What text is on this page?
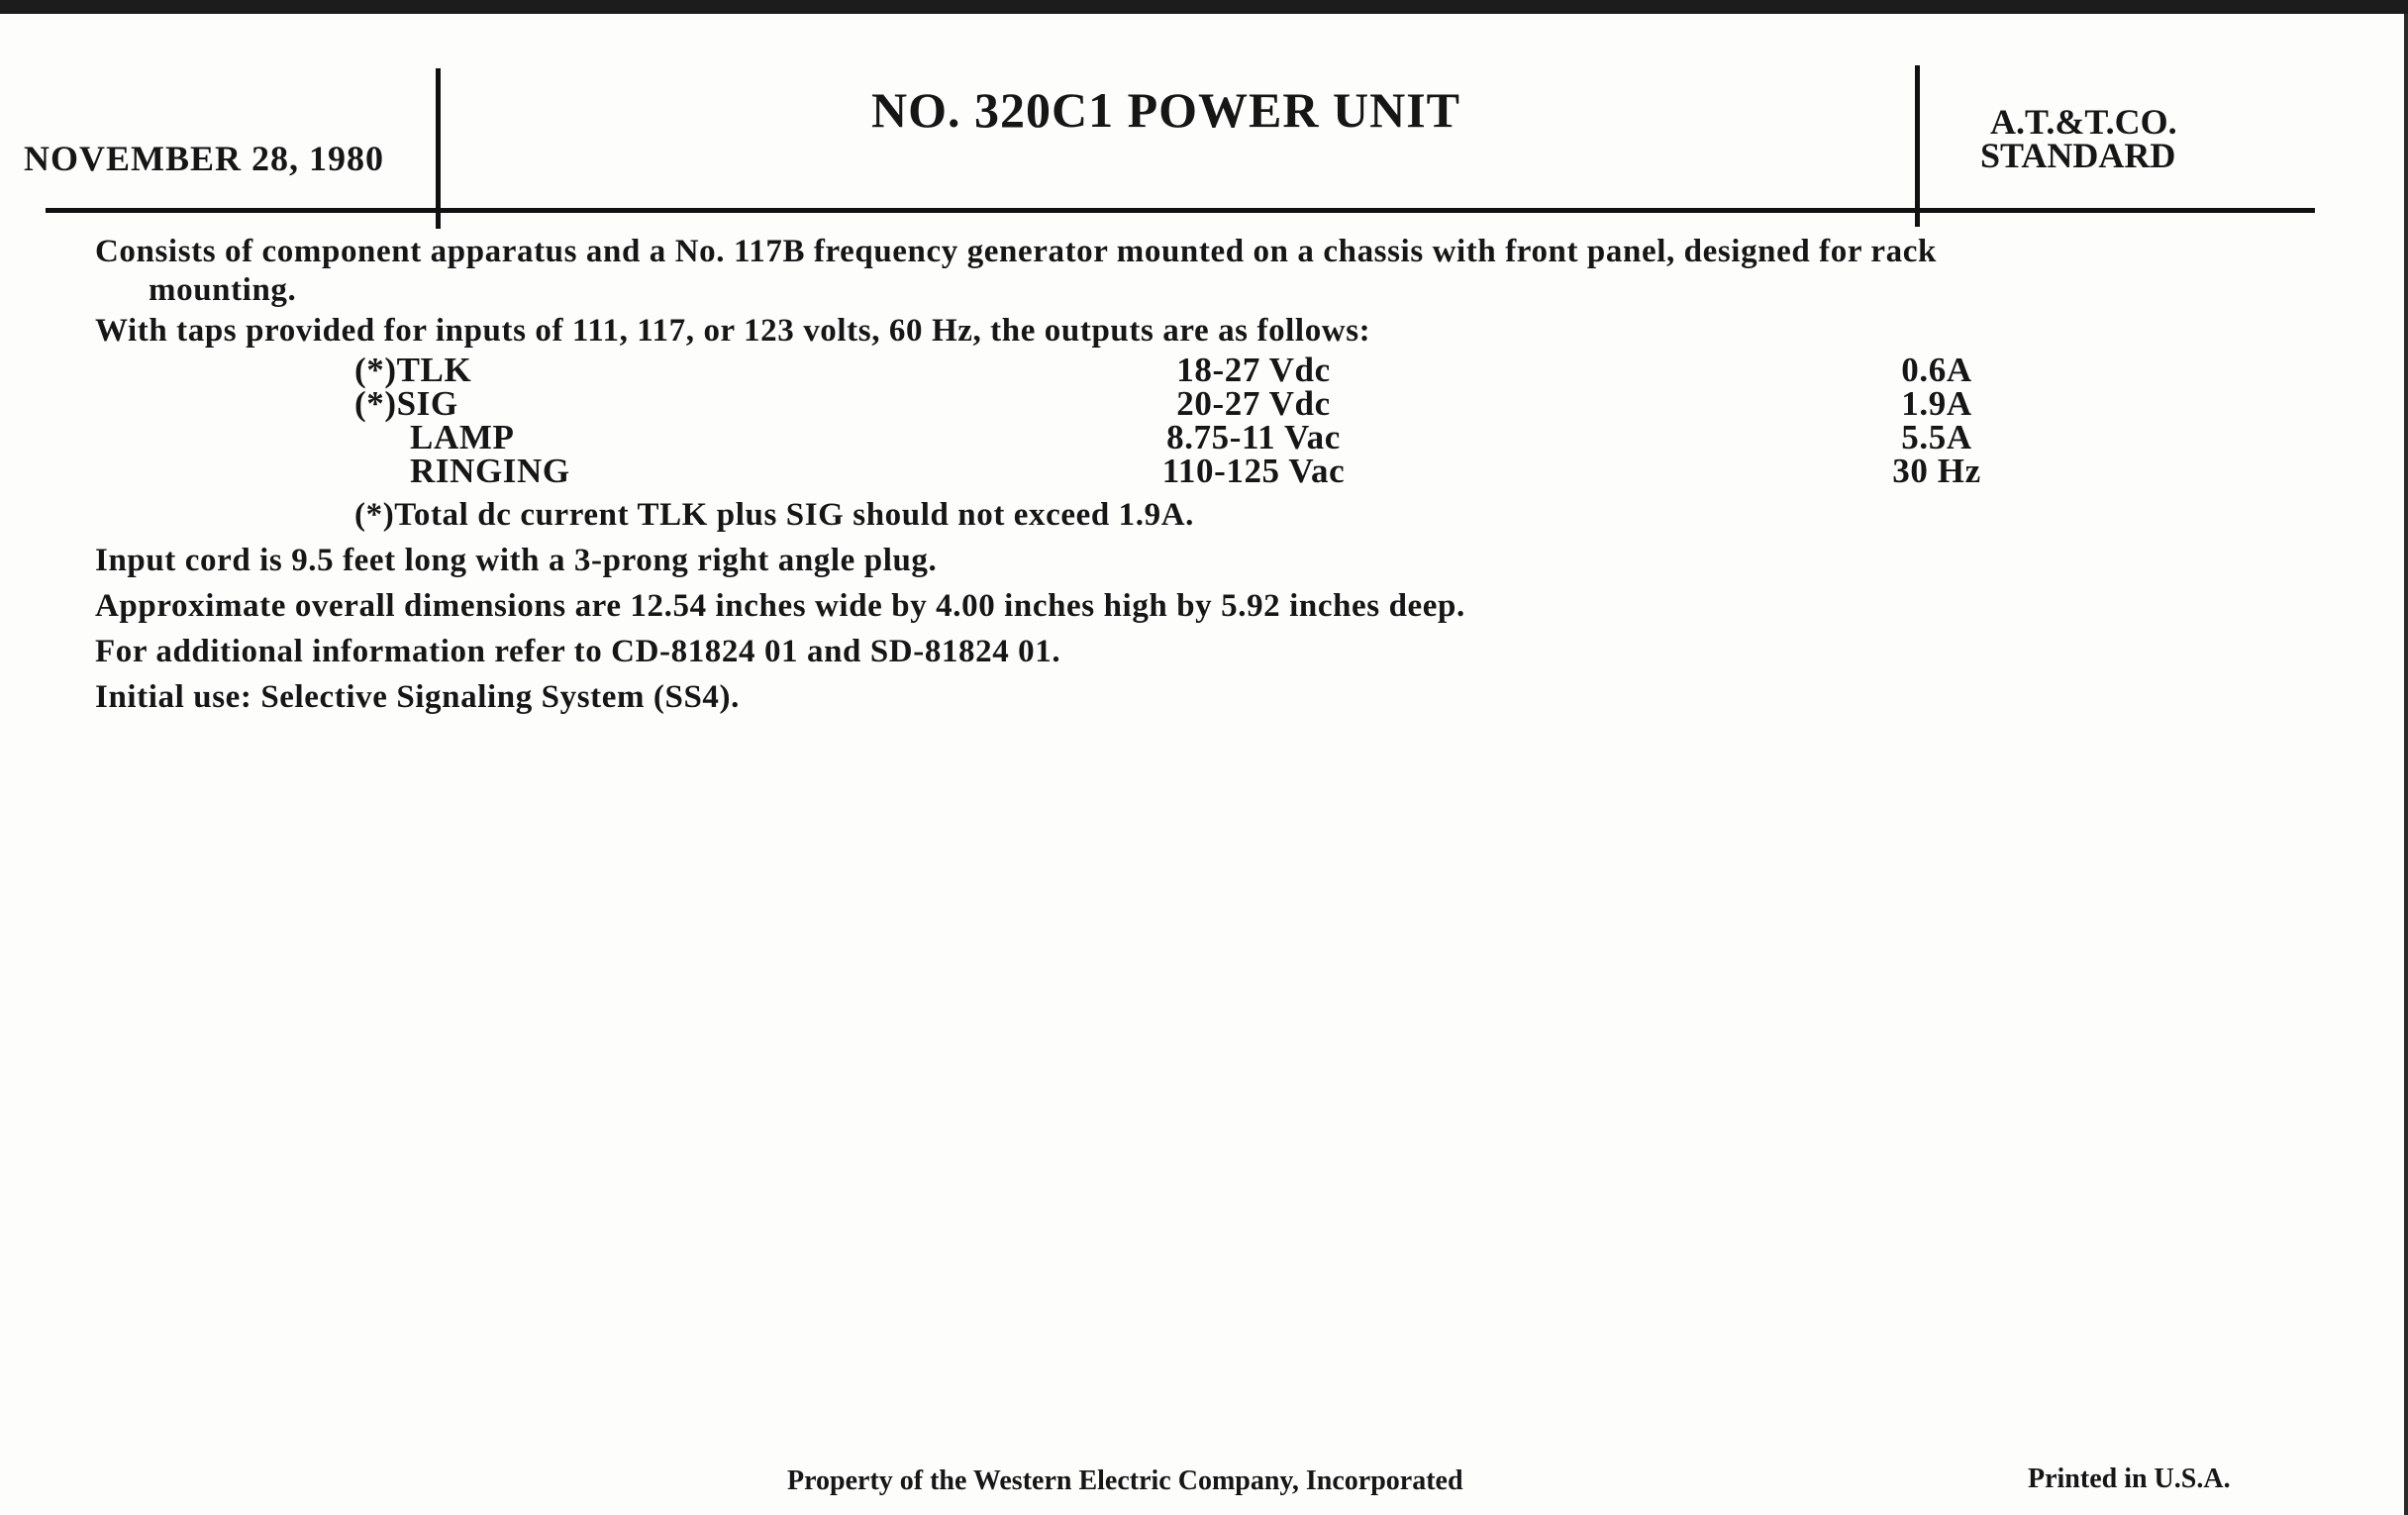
NOVEMBER 28, 1980
NO. 320C1 POWER UNIT	A.T.&T.CO.
STANDARD
Consists of component apparatus and a No. 117B frequency generator mounted on a chassis with front panel, designed for rack
mounting.
With taps provided for inputs of 111, 117, or 123 volts, 60 Hz, the outputs are as follows:
(*)TLK	18-27 Vdc	0.6A
(*)SIG	20-27 Vdc	1.9A
LAMP	8.75-11 Vac	5.5A
RINGING	110-125 Vac	30 Hz
(*)Total dc current TLK plus SIG should not exceed 1.9A.
Input cord is 9.5 feet long with a 3-prong right angle plug.
Approximate overall dimensions are 12.54 inches wide by 4.00 inches high by 5.92 inches deep.
For additional information refer to CD-81824 01 and SD-81824 01.
Initial use: Selective Signaling System (SS4).
Property of the Western Electric Company, Incorporated	Printed in U.S.A.
